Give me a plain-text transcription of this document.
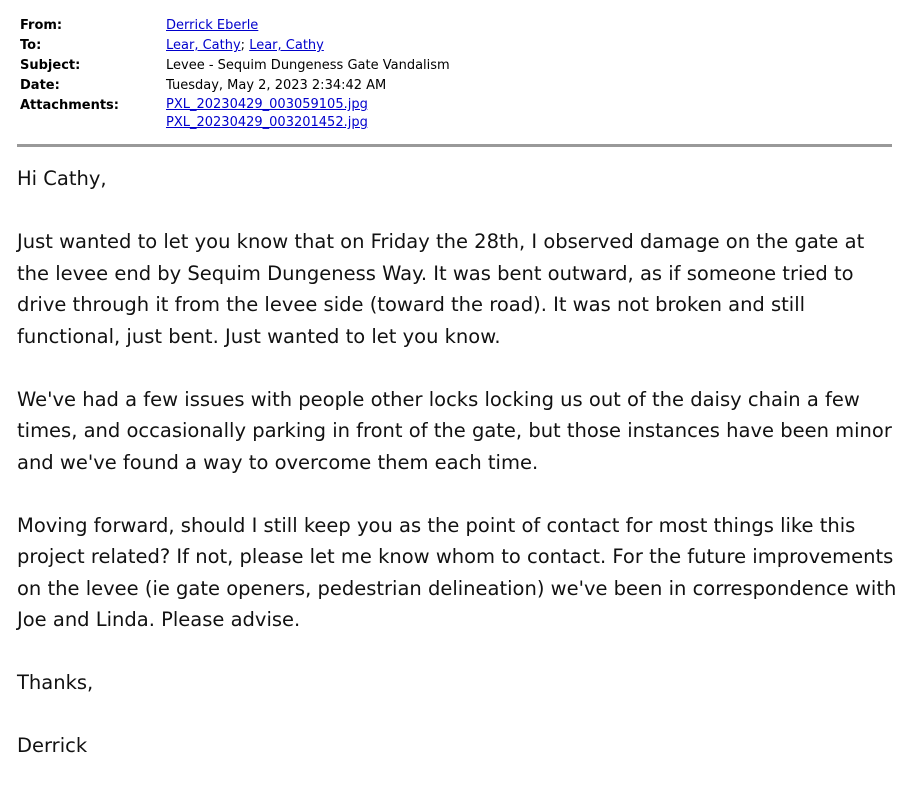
From:	Derrick Eberle
To:	Lear, Cathy; Lear, Cathy
Subject:	Levee - Sequim Dungeness Gate Vandalism
Date:	Tuesday, May 2, 2023 2:34:42 AM
Attachments:	PXL_20230429_003059105.jpg
PXL_20230429_003201452.jpg

Hi Cathy,

Just wanted to let you know that on Friday the 28th, I observed damage on the gate at the levee end by Sequim Dungeness Way. It was bent outward, as if someone tried to drive through it from the levee side (toward the road). It was not broken and still functional, just bent. Just wanted to let you know.

We've had a few issues with people other locks locking us out of the daisy chain a few times, and occasionally parking in front of the gate, but those instances have been minor and we've found a way to overcome them each time.

Moving forward, should I still keep you as the point of contact for most things like this project related? If not, please let me know whom to contact. For the future improvements on the levee (ie gate openers, pedestrian delineation) we've been in correspondence with Joe and Linda. Please advise.

Thanks,

Derrick
